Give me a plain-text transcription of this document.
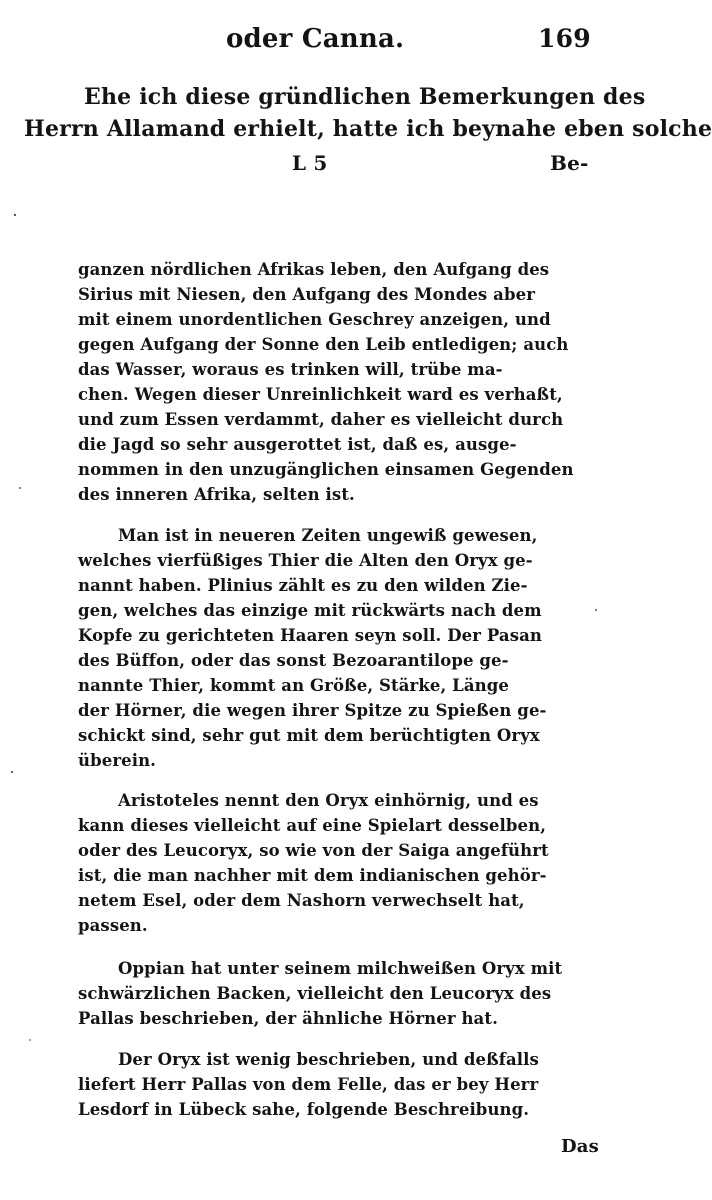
oder Canna.	169
Ehe ich diese gründlichen Bemerkungen des
Herrn Allamand erhielt, hatte ich beynahe eben solche
L 5	Be-
ganzen nördlichen Afrikas leben, den Aufgang des
Sirius mit Niesen, den Aufgang des Mondes aber
mit einem unordentlichen Geschrey anzeigen, und
gegen Aufgang der Sonne den Leib entledigen; auch
das Wasser, woraus es trinken will, trübe ma-
chen. Wegen dieser Unreinlichkeit ward es verhaßt,
und zum Essen verdammt, daher es vielleicht durch
die Jagd so sehr ausgerottet ist, daß es, ausge-
nommen in den unzugänglichen einsamen Gegenden
des inneren Afrika, selten ist.
Man ist in neueren Zeiten ungewiß gewesen,
welches vierfüßiges Thier die Alten den Oryx ge-
nannt haben. Plinius zählt es zu den wilden Zie-
gen, welches das einzige mit rückwärts nach dem
Kopfe zu gerichteten Haaren seyn soll. Der Pasan
des Büffon, oder das sonst Bezoarantilope ge-
nannte Thier, kommt an Größe, Stärke, Länge
der Hörner, die wegen ihrer Spitze zu Spießen ge-
schickt sind, sehr gut mit dem berüchtigten Oryx
überein.
Aristoteles nennt den Oryx einhörnig, und es
kann dieses vielleicht auf eine Spielart desselben,
oder des Leucoryx, so wie von der Saiga angeführt
ist, die man nachher mit dem indianischen gehör-
netem Esel, oder dem Nashorn verwechselt hat,
passen.
Oppian hat unter seinem milchweißen Oryx mit
schwärzlichen Backen, vielleicht den Leucoryx des
Pallas beschrieben, der ähnliche Hörner hat.
Der Oryx ist wenig beschrieben, und deßfalls
liefert Herr Pallas von dem Felle, das er bey Herr
Lesdorf in Lübeck sahe, folgende Beschreibung.
Das
